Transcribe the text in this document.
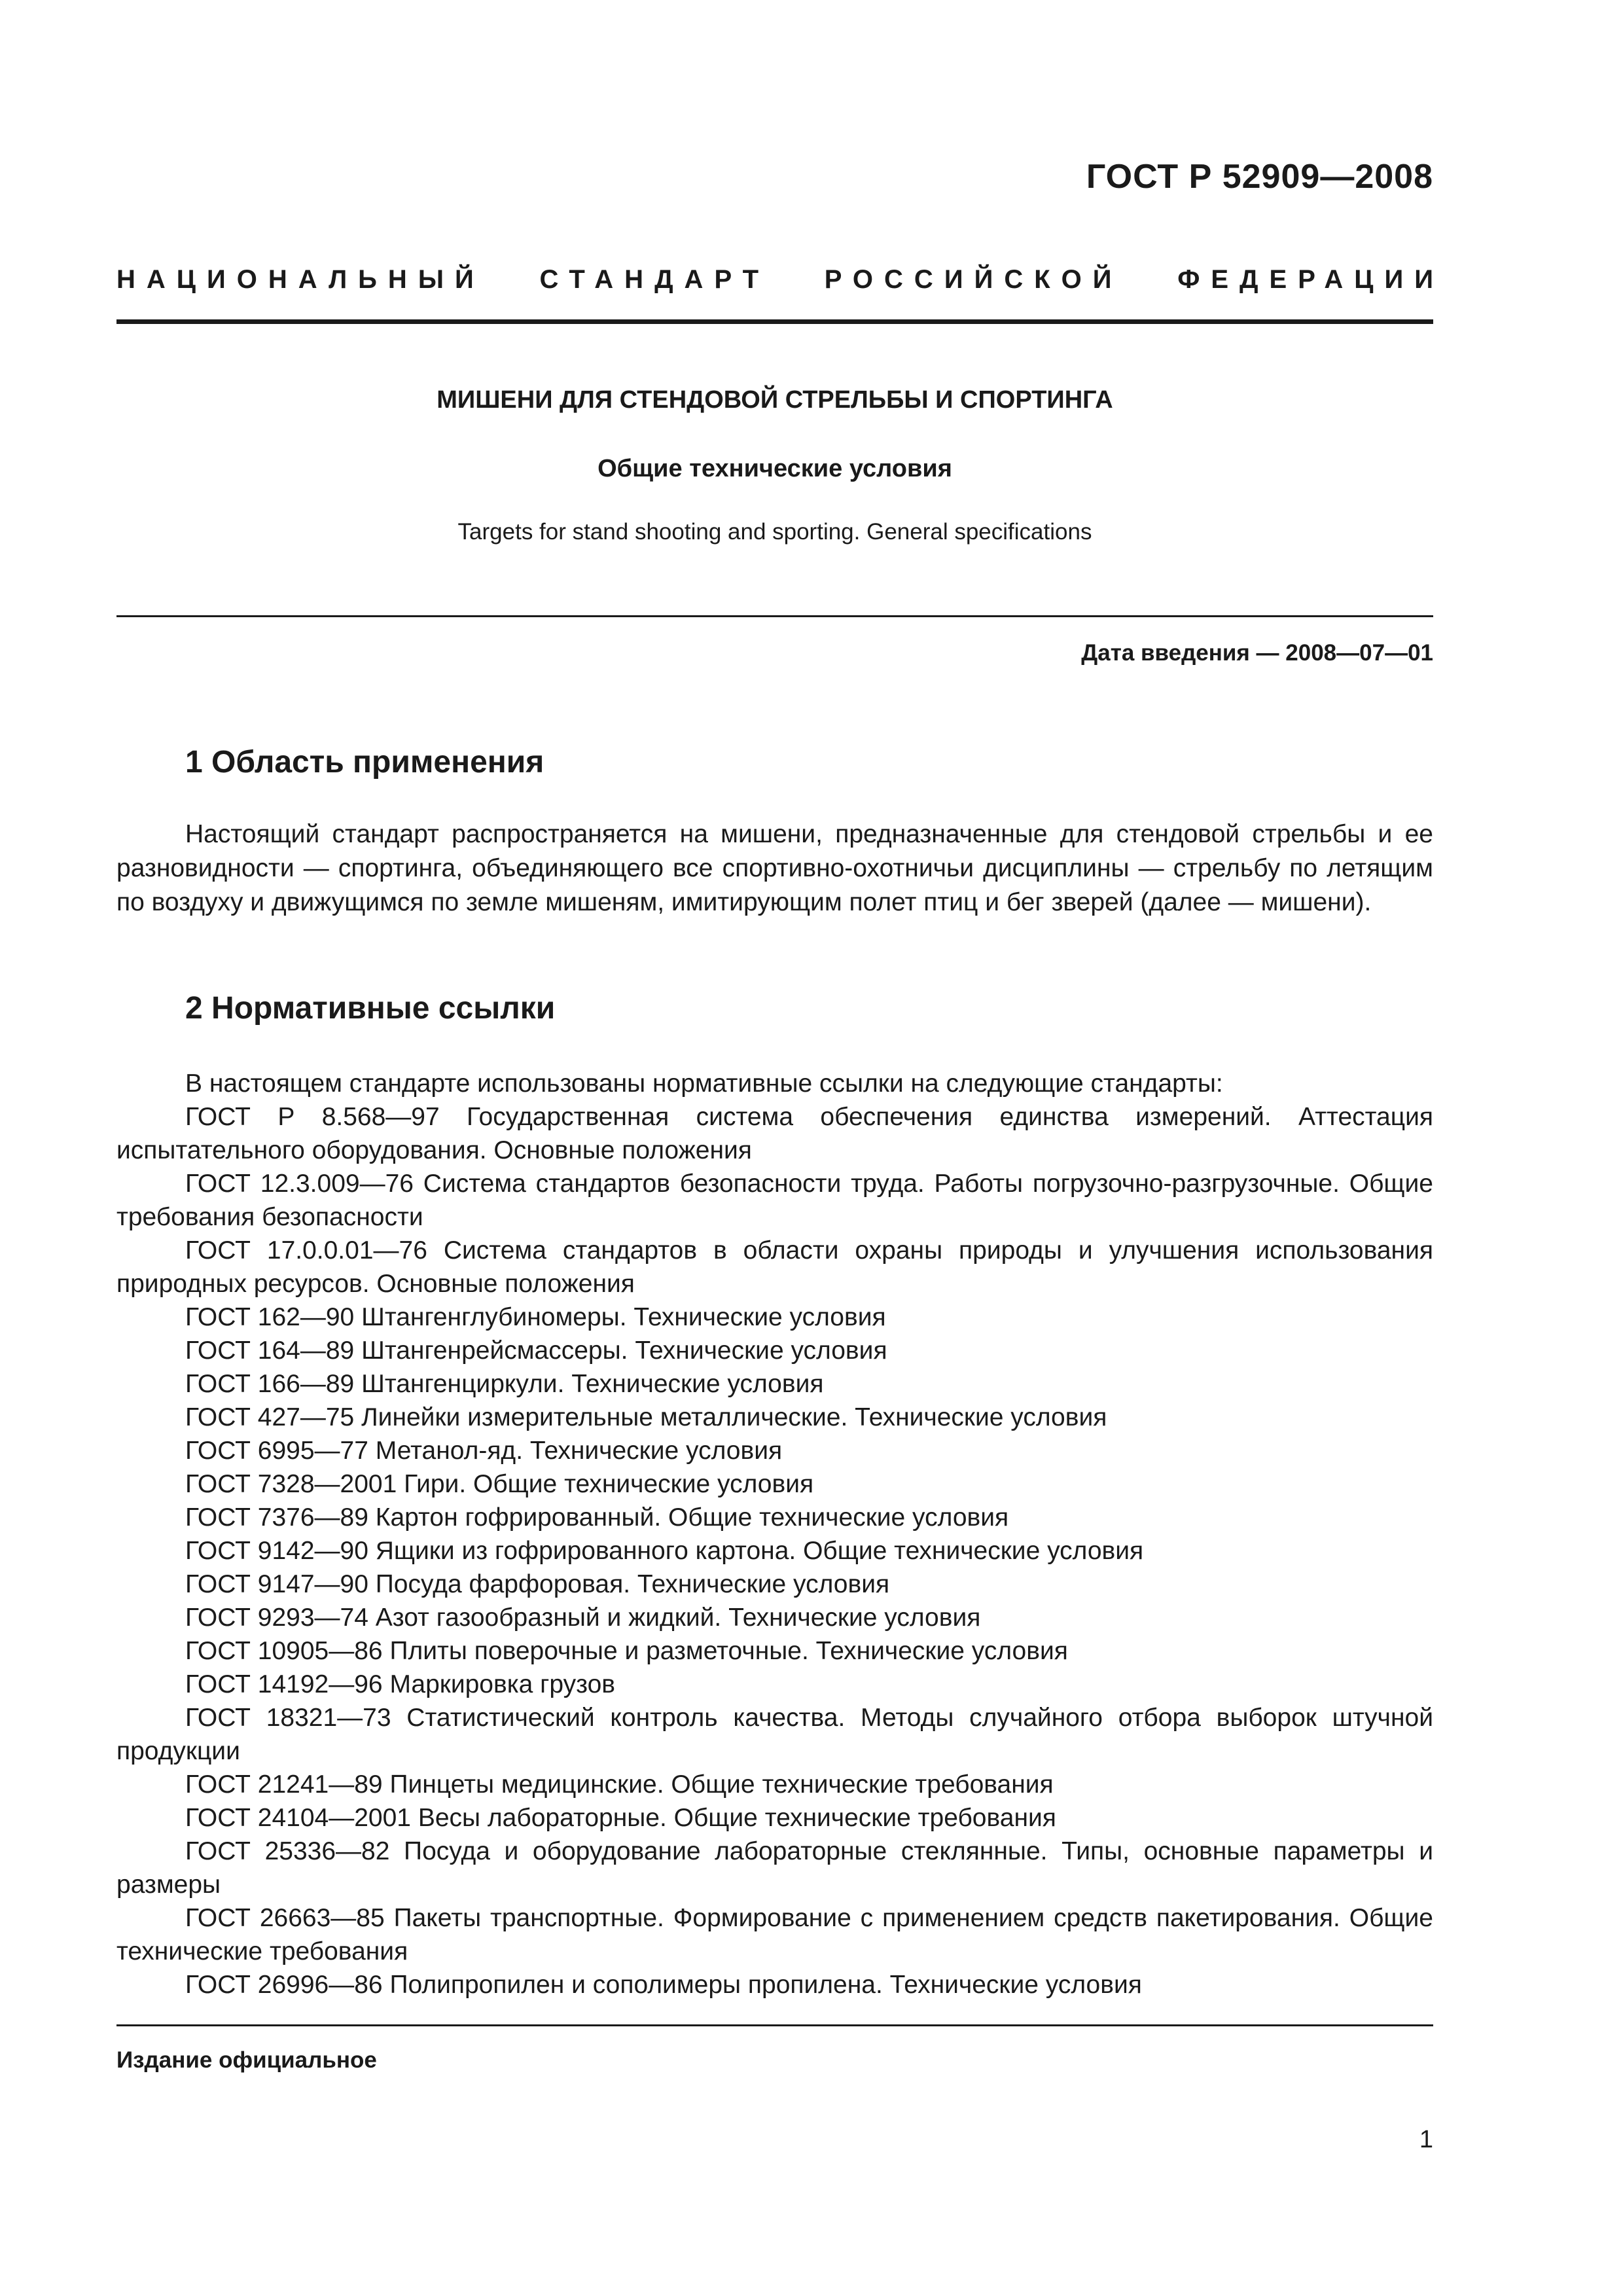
ГОСТ Р 52909—2008
НАЦИОНАЛЬНЫЙ СТАНДАРТ РОССИЙСКОЙ ФЕДЕРАЦИИ
МИШЕНИ ДЛЯ СТЕНДОВОЙ СТРЕЛЬБЫ И СПОРТИНГА
Общие технические условия
Targets for stand shooting and sporting. General specifications
Дата введения — 2008—07—01
1 Область применения
Настоящий стандарт распространяется на мишени, предназначенные для стендовой стрельбы и ее разновидности — спортинга, объединяющего все спортивно-охотничьи дисциплины — стрельбу по летящим по воздуху и движущимся по земле мишеням, имитирующим полет птиц и бег зверей (далее — мишени).
2 Нормативные ссылки

В настоящем стандарте использованы нормативные ссылки на следующие стандарты:

ГОСТ Р 8.568—97 Государственная система обеспечения единства измерений. Аттестация испытательного оборудования. Основные положения

ГОСТ 12.3.009—76 Система стандартов безопасности труда. Работы погрузочно-разгрузочные. Общие требования безопасности

ГОСТ 17.0.0.01—76 Система стандартов в области охраны природы и улучшения использования природных ресурсов. Основные положения

ГОСТ 162—90 Штангенглубиномеры. Технические условия

ГОСТ 164—89 Штангенрейсмассеры. Технические условия

ГОСТ 166—89 Штангенциркули. Технические условия

ГОСТ 427—75 Линейки измерительные металлические. Технические условия

ГОСТ 6995—77 Метанол-яд. Технические условия

ГОСТ 7328—2001 Гири. Общие технические условия

ГОСТ 7376—89 Картон гофрированный. Общие технические условия

ГОСТ 9142—90 Ящики из гофрированного картона. Общие технические условия

ГОСТ 9147—90 Посуда фарфоровая. Технические условия

ГОСТ 9293—74 Азот газообразный и жидкий. Технические условия

ГОСТ 10905—86 Плиты поверочные и разметочные. Технические условия

ГОСТ 14192—96 Маркировка грузов

ГОСТ 18321—73 Статистический контроль качества. Методы случайного отбора выборок штучной продукции

ГОСТ 21241—89 Пинцеты медицинские. Общие технические требования

ГОСТ 24104—2001 Весы лабораторные. Общие технические требования

ГОСТ 25336—82 Посуда и оборудование лабораторные стеклянные. Типы, основные параметры и размеры

ГОСТ 26663—85 Пакеты транспортные. Формирование с применением средств пакетирования. Общие технические требования

ГОСТ 26996—86 Полипропилен и сополимеры пропилена. Технические условия

Издание официальное
1
